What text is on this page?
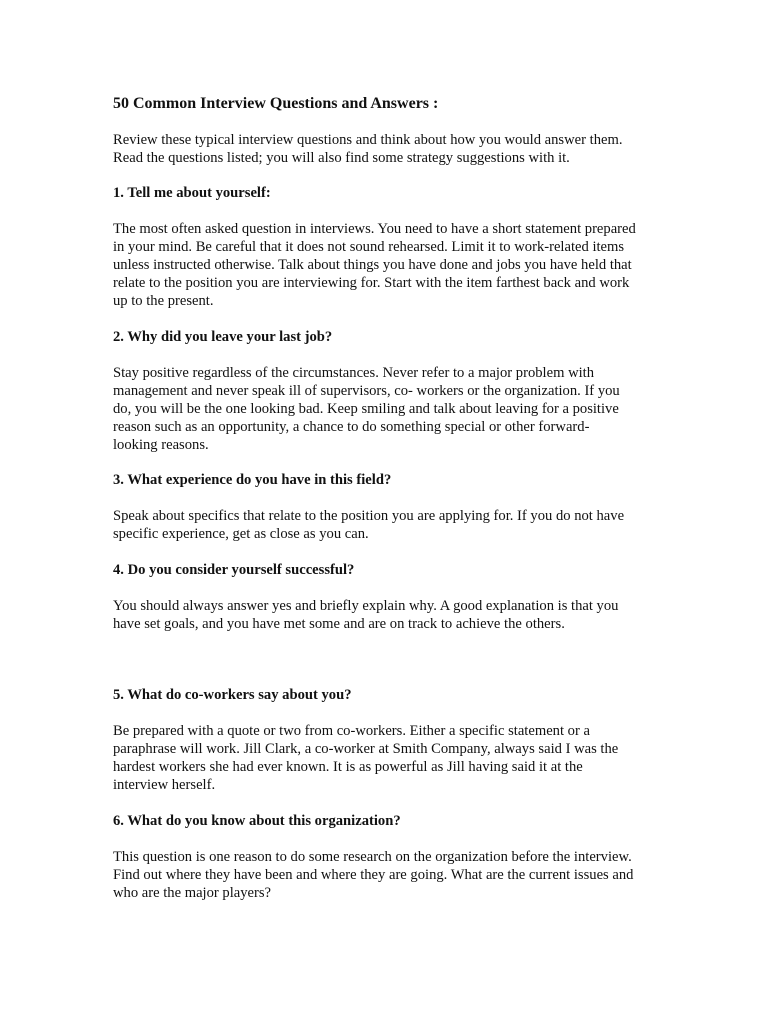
50 Common Interview Questions and Answers :

Review these typical interview questions and think about how you would answer them.
Read the questions listed; you will also find some strategy suggestions with it.

1. Tell me about yourself:

The most often asked question in interviews. You need to have a short statement prepared
in your mind. Be careful that it does not sound rehearsed. Limit it to work-related items
unless instructed otherwise. Talk about things you have done and jobs you have held that
relate to the position you are interviewing for. Start with the item farthest back and work
up to the present.

2. Why did you leave your last job?

Stay positive regardless of the circumstances. Never refer to a major problem with
management and never speak ill of supervisors, co- workers or the organization. If you
do, you will be the one looking bad. Keep smiling and talk about leaving for a positive
reason such as an opportunity, a chance to do something special or other forward-
looking reasons.

3. What experience do you have in this field?

Speak about specifics that relate to the position you are applying for. If you do not have
specific experience, get as close as you can.

4. Do you consider yourself successful?

You should always answer yes and briefly explain why. A good explanation is that you
have set goals, and you have met some and are on track to achieve the others.

5. What do co-workers say about you?

Be prepared with a quote or two from co-workers. Either a specific statement or a
paraphrase will work. Jill Clark, a co-worker at Smith Company, always said I was the
hardest workers she had ever known. It is as powerful as Jill having said it at the
interview herself.

6. What do you know about this organization?

This question is one reason to do some research on the organization before the interview.
Find out where they have been and where they are going. What are the current issues and
who are the major players?
